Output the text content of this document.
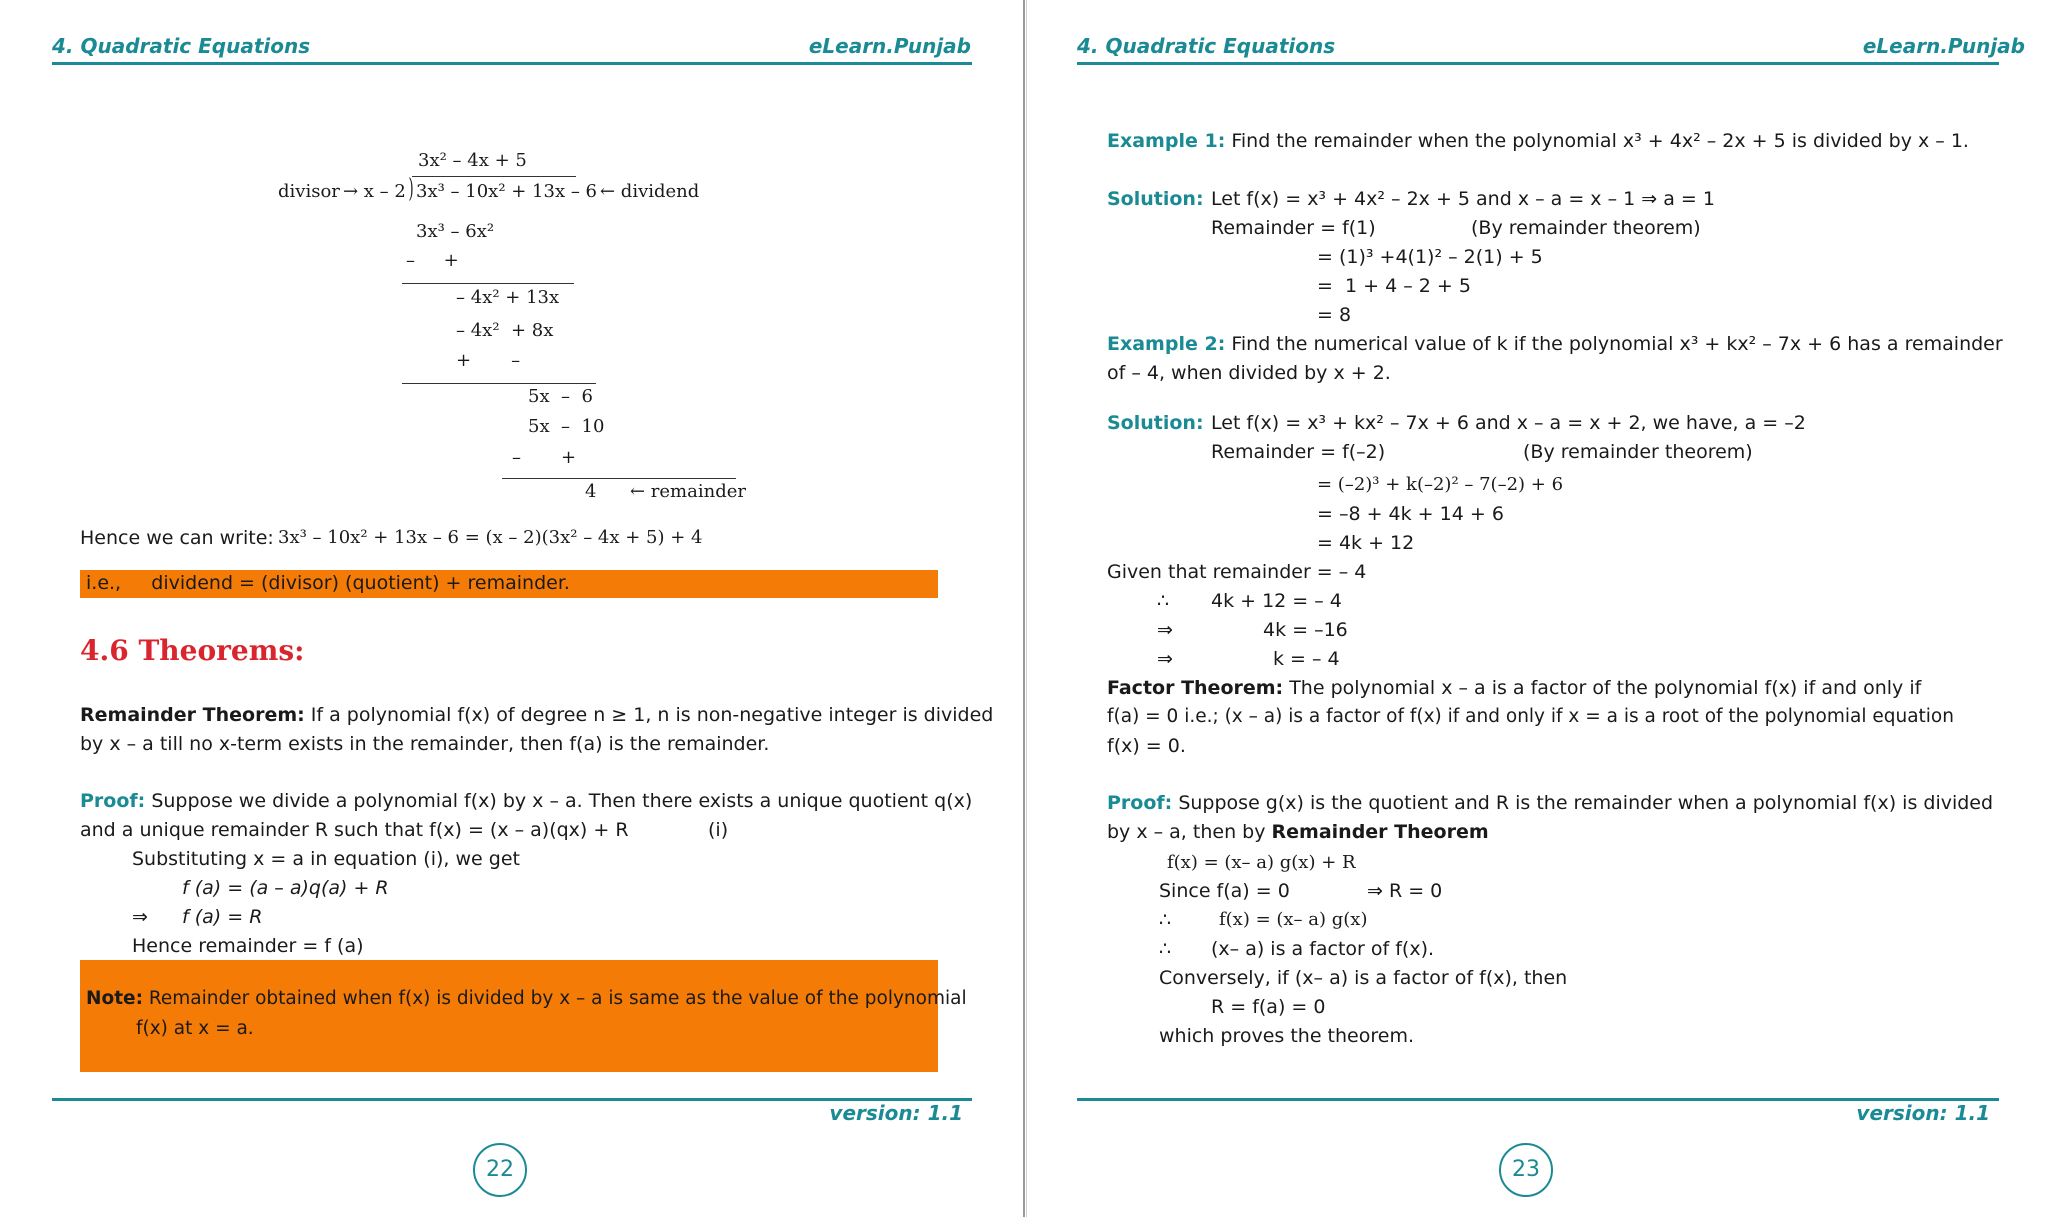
4. Quadratic Equations	eLearn.Punjab
3x² – 4x + 5
divisor → x – 2 ) 3x³ – 10x² + 13x – 6 ← dividend
3x³ – 6x²
–     +
– 4x² + 13x
– 4x²  + 8x
+       –
5x  –  6
5x  –  10
–       +
4 ← remainder
Hence we can write: 3x³ – 10x² + 13x – 6 = (x – 2)(3x² – 4x + 5) + 4
i.e.,     dividend = (divisor) (quotient) + remainder.
4.6 Theorems:
Remainder Theorem: If a polynomial f(x) of degree n ≥ 1, n is non-negative integer is divided
by x – a till no x-term exists in the remainder, then f(a) is the remainder.
Proof: Suppose we divide a polynomial f(x) by x – a. Then there exists a unique quotient q(x)
and a unique remainder R such that f(x) = (x – a)(qx) + R	(i)
Substituting x = a in equation (i), we get
f (a) = (a – a)q(a) + R
⇒ f (a) = R
Hence remainder = f (a)
Note: Remainder obtained when f(x) is divided by x – a is same as the value of the polynomial
f(x) at x = a.
version: 1.1
22
4. Quadratic Equations	eLearn.Punjab
Example 1: Find the remainder when the polynomial x³ + 4x² – 2x + 5 is divided by x – 1.
Solution: Let f(x) = x³ + 4x² – 2x + 5 and x – a = x – 1 ⇒ a = 1
Remainder = f(1)	(By remainder theorem)
= (1)³ +4(1)² – 2(1) + 5
=  1 + 4 – 2 + 5
= 8
Example 2: Find the numerical value of k if the polynomial x³ + kx² – 7x + 6 has a remainder
of – 4, when divided by x + 2.
Solution: Let f(x) = x³ + kx² – 7x + 6 and x – a = x + 2, we have, a = –2
Remainder = f(–2)	(By remainder theorem)
= (–2)³ + k(–2)² – 7(–2) + 6
= –8 + 4k + 14 + 6
= 4k + 12
Given that remainder = – 4
∴ 4k + 12 = – 4
⇒	4k = –16
⇒	k = – 4
Factor Theorem: The polynomial x – a is a factor of the polynomial f(x) if and only if
f(a) = 0 i.e.; (x – a) is a factor of f(x) if and only if x = a is a root of the polynomial equation
f(x) = 0.
Proof: Suppose g(x) is the quotient and R is the remainder when a polynomial f(x) is divided
by x – a, then by Remainder Theorem
f(x) = (x– a) g(x) + R
Since f(a) = 0	⇒ R = 0
∴	f(x) = (x– a) g(x)
∴ (x– a) is a factor of f(x).
Conversely, if (x– a) is a factor of f(x), then
R = f(a) = 0
which proves the theorem.
version: 1.1
23
